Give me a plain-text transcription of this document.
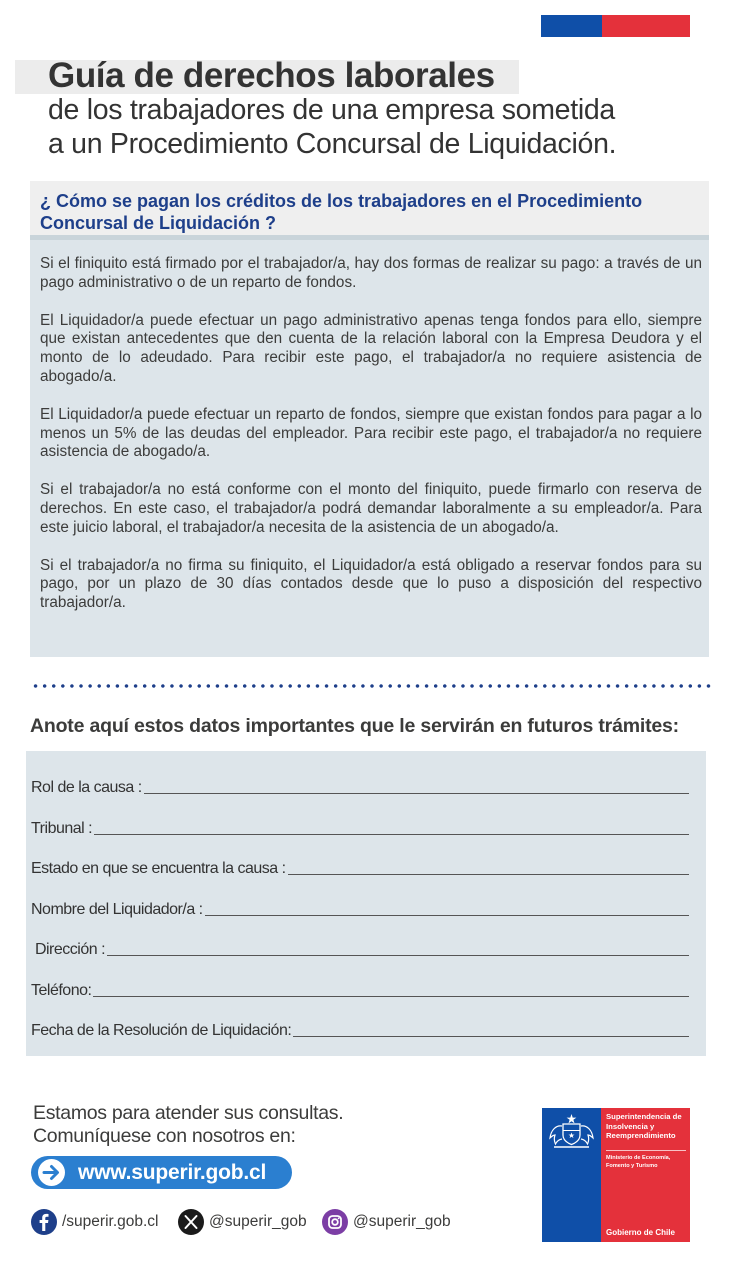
Guía de derechos laborales
de los trabajadores de una empresa sometida
a un Procedimiento Concursal de Liquidación.

¿ Cómo se pagan los créditos de los trabajadores en el Procedimiento Concursal de Liquidación ?

Si el finiquito está firmado por el trabajador/a, hay dos formas de realizar su pago: a través de un pago administrativo o de un reparto de fondos.

El Liquidador/a puede efectuar un pago administrativo apenas tenga fondos para ello, siempre que existan antecedentes que den cuenta de la relación laboral con la Empresa Deudora y el monto de lo adeudado. Para recibir este pago, el trabajador/a no requiere asistencia de abogado/a.

El Liquidador/a puede efectuar un reparto de fondos, siempre que existan fondos para pagar a lo menos un 5% de las deudas del empleador. Para recibir este pago, el trabajador/a no requiere asistencia de abogado/a.

Si el trabajador/a no está conforme con el monto del finiquito, puede firmarlo con reserva de derechos. En este caso, el trabajador/a podrá demandar laboralmente a su empleador/a. Para este juicio laboral, el trabajador/a necesita de la asistencia de un abogado/a.

Si el trabajador/a no firma su finiquito, el Liquidador/a está obligado a reservar fondos para su pago, por un plazo de 30 días contados desde que lo puso a disposición del respectivo trabajador/a.

Anote aquí estos datos importantes que le servirán en futuros trámites:
Rol de la causa :
Tribunal :
Estado en que se encuentra la causa :
Nombre del Liquidador/a :
Dirección :
Teléfono:
Fecha de la Resolución de Liquidación:
Estamos para atender sus consultas.
Comuníquese con nosotros en:
www.superir.gob.cl
/superir.gob.cl	@superir_gob	@superir_gob

Superintendencia de Insolvencia y Reemprendimiento

Ministerio de Economía, Fomento y Turismo

Gobierno de Chile
